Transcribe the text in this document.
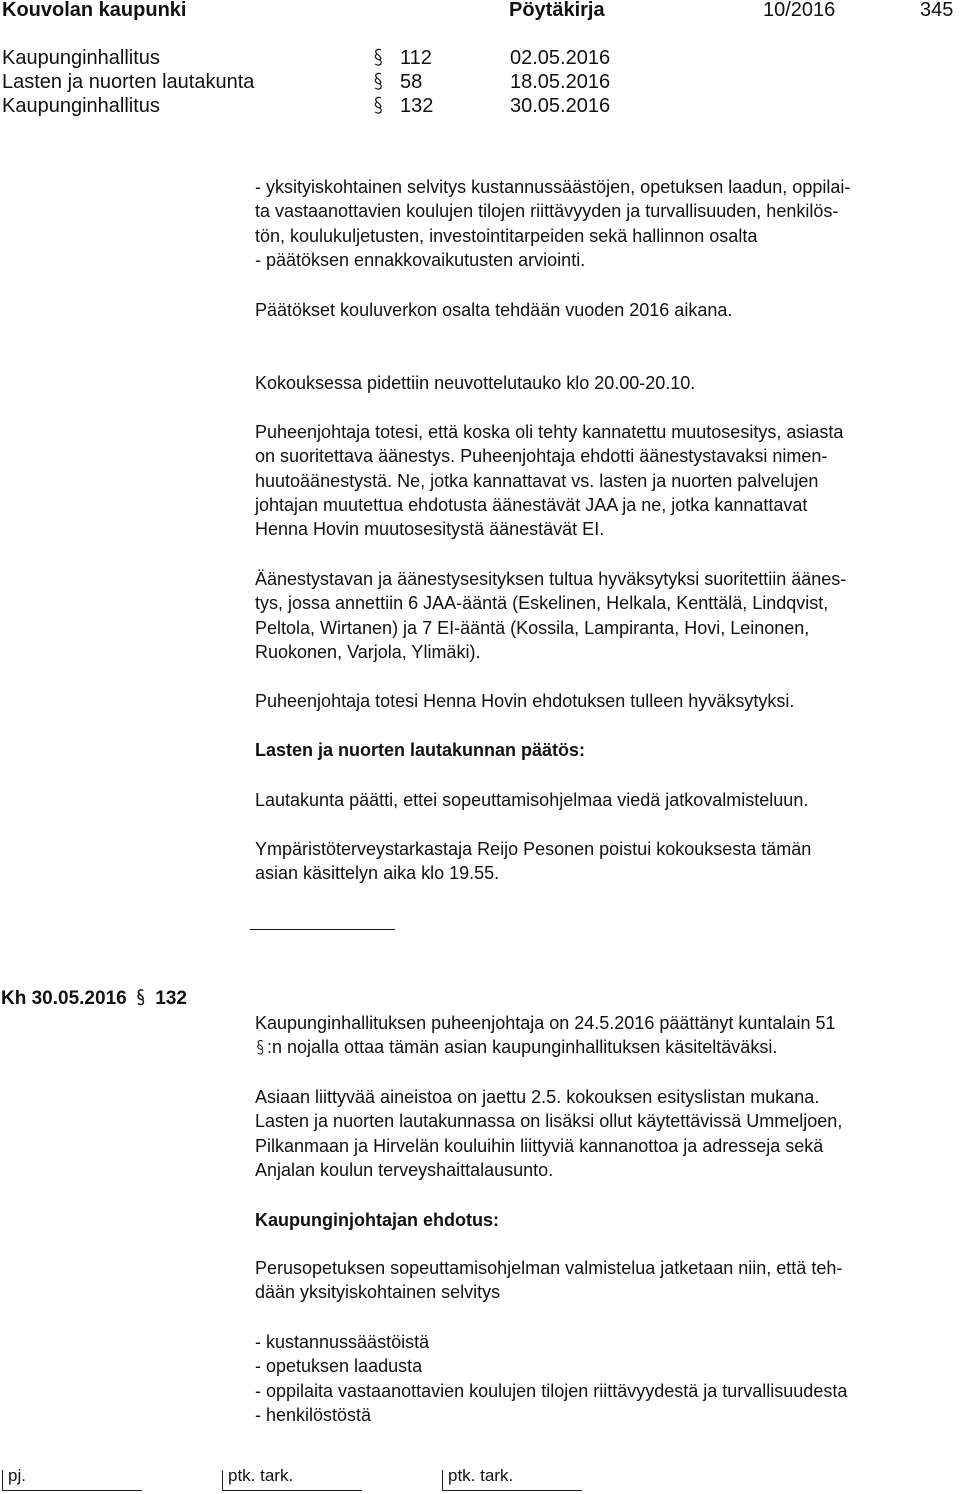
Kouvolan kaupunki	Pöytäkirja	10/2016	345
Kaupunginhallitus	112	02.05.2016
Lasten ja nuorten lautakunta	58	18.05.2016
Kaupunginhallitus	132	30.05.2016

- yksityiskohtainen selvitys kustannussäästöjen, opetuksen laadun, oppilai-

ta vastaanottavien koulujen tilojen riittävyyden ja turvallisuuden, henkilös-

tön, koulukuljetusten, investointitarpeiden sekä hallinnon osalta

- päätöksen ennakkovaikutusten arviointi.

Päätökset kouluverkon osalta tehdään vuoden 2016 aikana.

Kokouksessa pidettiin neuvottelutauko klo 20.00-20.10.

Puheenjohtaja totesi, että koska oli tehty kannatettu muutosesitys, asiasta

on suoritettava äänestys. Puheenjohtaja ehdotti äänestystavaksi nimen-

huutoäänestystä. Ne, jotka kannattavat vs. lasten ja nuorten palvelujen

johtajan muutettua ehdotusta äänestävät JAA ja ne, jotka kannattavat

Henna Hovin muutosesitystä äänestävät EI.

Äänestystavan ja äänestysesityksen tultua hyväksytyksi suoritettiin äänes-

tys, jossa annettiin 6 JAA-ääntä (Eskelinen, Helkala, Kenttälä, Lindqvist,

Peltola, Wirtanen) ja 7 EI-ääntä (Kossila, Lampiranta, Hovi, Leinonen,

Ruokonen, Varjola, Ylimäki).

Puheenjohtaja totesi Henna Hovin ehdotuksen tulleen hyväksytyksi.

Lasten ja nuorten lautakunnan päätös:

Lautakunta päätti, ettei sopeuttamisohjelmaa viedä jatkovalmisteluun.

Ympäristöterveystarkastaja Reijo Pesonen poistui kokouksesta tämän

asian käsittelyn aika klo 19.55.

Kh 30.05.2016 132

Kaupunginhallituksen puheenjohtaja on 24.5.2016 päättänyt kuntalain 51

:n nojalla ottaa tämän asian kaupunginhallituksen käsiteltäväksi.

Asiaan liittyvää aineistoa on jaettu 2.5. kokouksen esityslistan mukana.

Lasten ja nuorten lautakunnassa on lisäksi ollut käytettävissä Ummeljoen,

Pilkanmaan ja Hirvelän kouluihin liittyviä kannanottoa ja adresseja sekä

Anjalan koulun terveyshaittalausunto.

Kaupunginjohtajan ehdotus:

Perusopetuksen sopeuttamisohjelman valmistelua jatketaan niin, että teh-

dään yksityiskohtainen selvitys

- kustannussäästöistä

- opetuksen laadusta

- oppilaita vastaanottavien koulujen tilojen riittävyydestä ja turvallisuudesta

- henkilöstöstä

pj.	ptk. tark.	ptk. tark.
